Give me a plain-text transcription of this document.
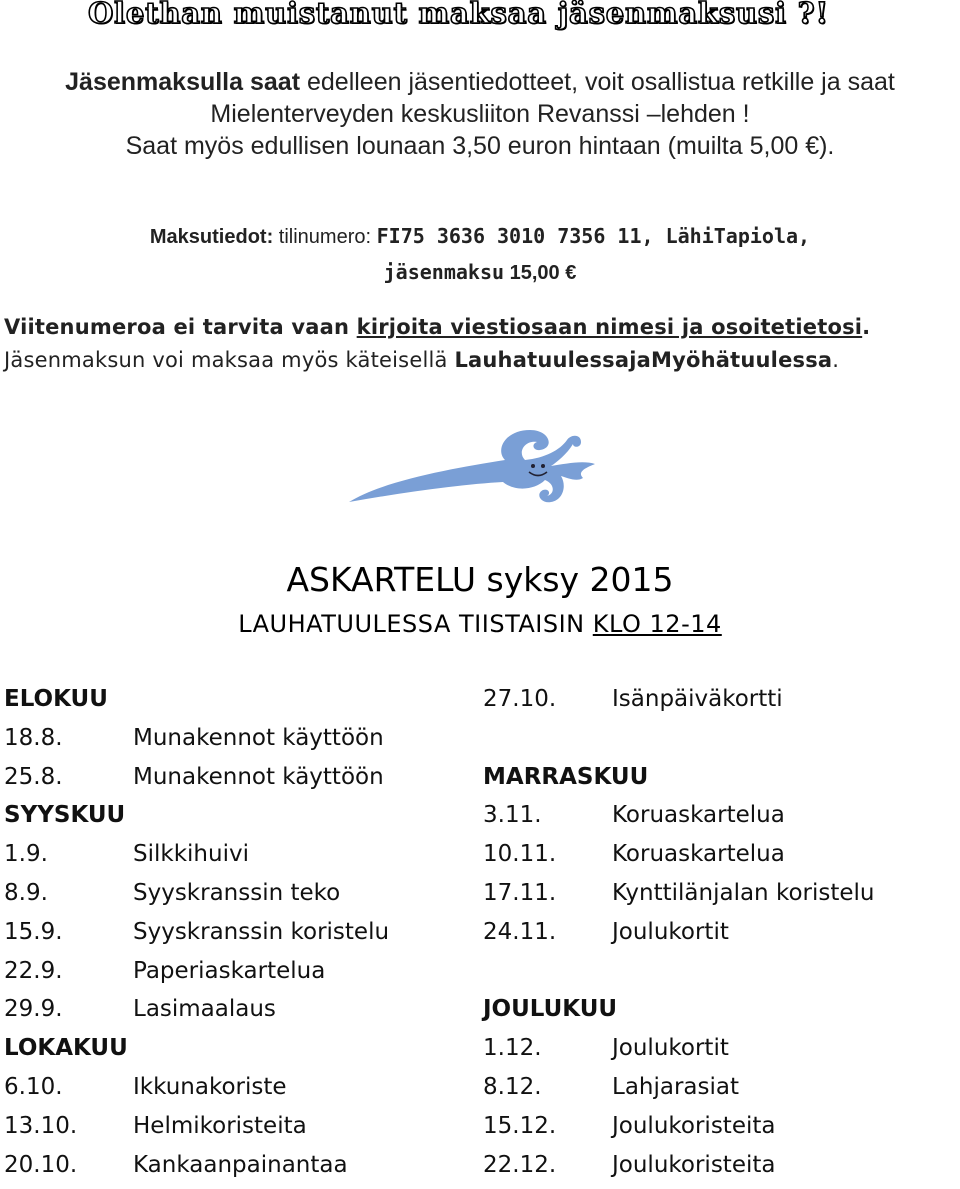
Olethan muistanut maksaa jäsenmaksusi ?!
Jäsenmaksulla saat edelleen jäsentiedotteet, voit osallistua retkille ja saat
Mielenterveyden keskusliiton Revanssi –lehden !
Saat myös edullisen lounaan 3,50 euron hintaan (muilta 5,00 €).
Maksutiedot: tilinumero: FI75 3636 3010 7356 11, LähiTapiola,
jäsenmaksu 15,00 €
Viitenumeroa ei tarvita vaan kirjoita viestiosaan nimesi ja osoitetietosi.
Jäsenmaksun voi maksaa myös käteisellä LauhatuulessajaMyöhätuulessa.
ASKARTELU syksy 2015
LAUHATUULESSA TIISTAISIN KLO 12-14
ELOKUU
18.8.	Munakennot käyttöön
25.8.	Munakennot käyttöön
SYYSKUU
1.9.	Silkkihuivi
8.9.	Syyskranssin teko
15.9.	Syyskranssin koristelu
22.9.	Paperiaskartelua
29.9.	Lasimaalaus
LOKAKUU
6.10.	Ikkunakoriste
13.10. Helmikoristeita
20.10. Kankaanpainantaa
27.10. Isänpäiväkortti
MARRASKUU
3.11.	Koruaskartelua
10.11. Koruaskartelua
17.11. Kynttilänjalan koristelu
24.11. Joulukortit
JOULUKUU
1.12.	Joulukortit
8.12.	Lahjarasiat
15.12. Joulukoristeita
22.12. Joulukoristeita
